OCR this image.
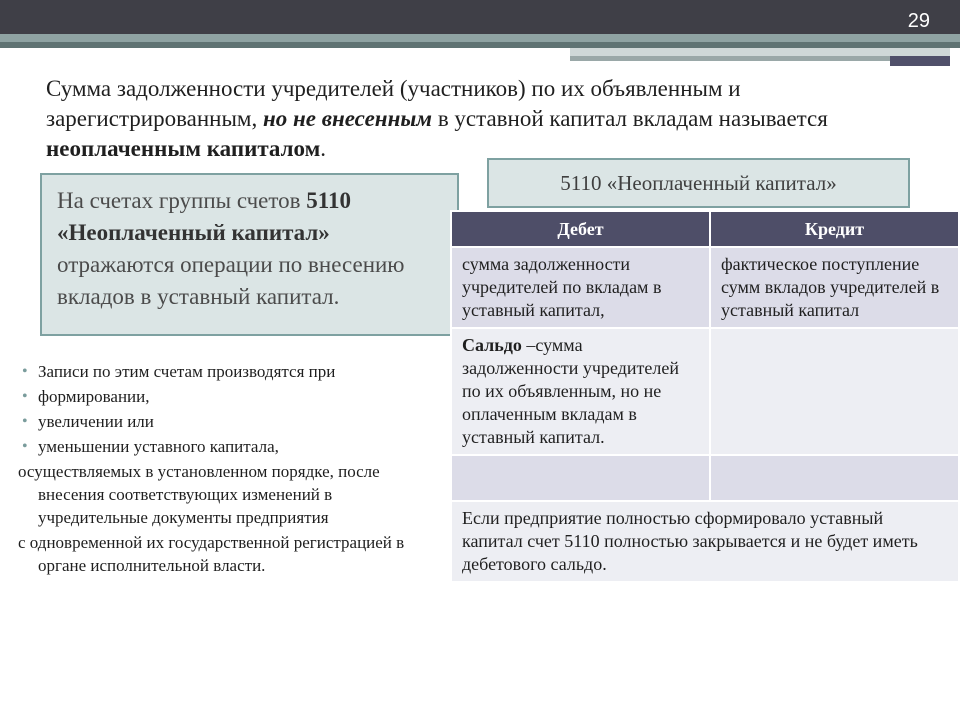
29

Сумма задолженности учредителей (участников) по их объявленным и зарегистрированным, но не внесенным в уставной капитал вкладам называется неоплаченным капиталом.

На счетах группы счетов 5110 «Неоплаченный капитал» отражаются операции по внесению вкладов в уставный капитал.
5110 «Неоплаченный капитал»
• Записи по этим счетам производятся при
• формировании,
• увеличении или
• уменьшении уставного капитала,
осуществляемых в установленном порядке, после внесения соответствующих изменений в учредительные документы предприятия
с одновременной их государственной регистрацией в органе исполнительной власти.
Дебет	Кредит
сумма задолженности учредителей по вкладам в уставный капитал,	фактическое поступление сумм вкладов учредителей в уставный капитал
Сальдо –сумма задолженности учредителей по их объявленным, но не оплаченным вкладам в уставный капитал.	

Если предприятие полностью сформировало уставный капитал счет 5110 полностью закрывается и не будет иметь дебетового сальдо.	
